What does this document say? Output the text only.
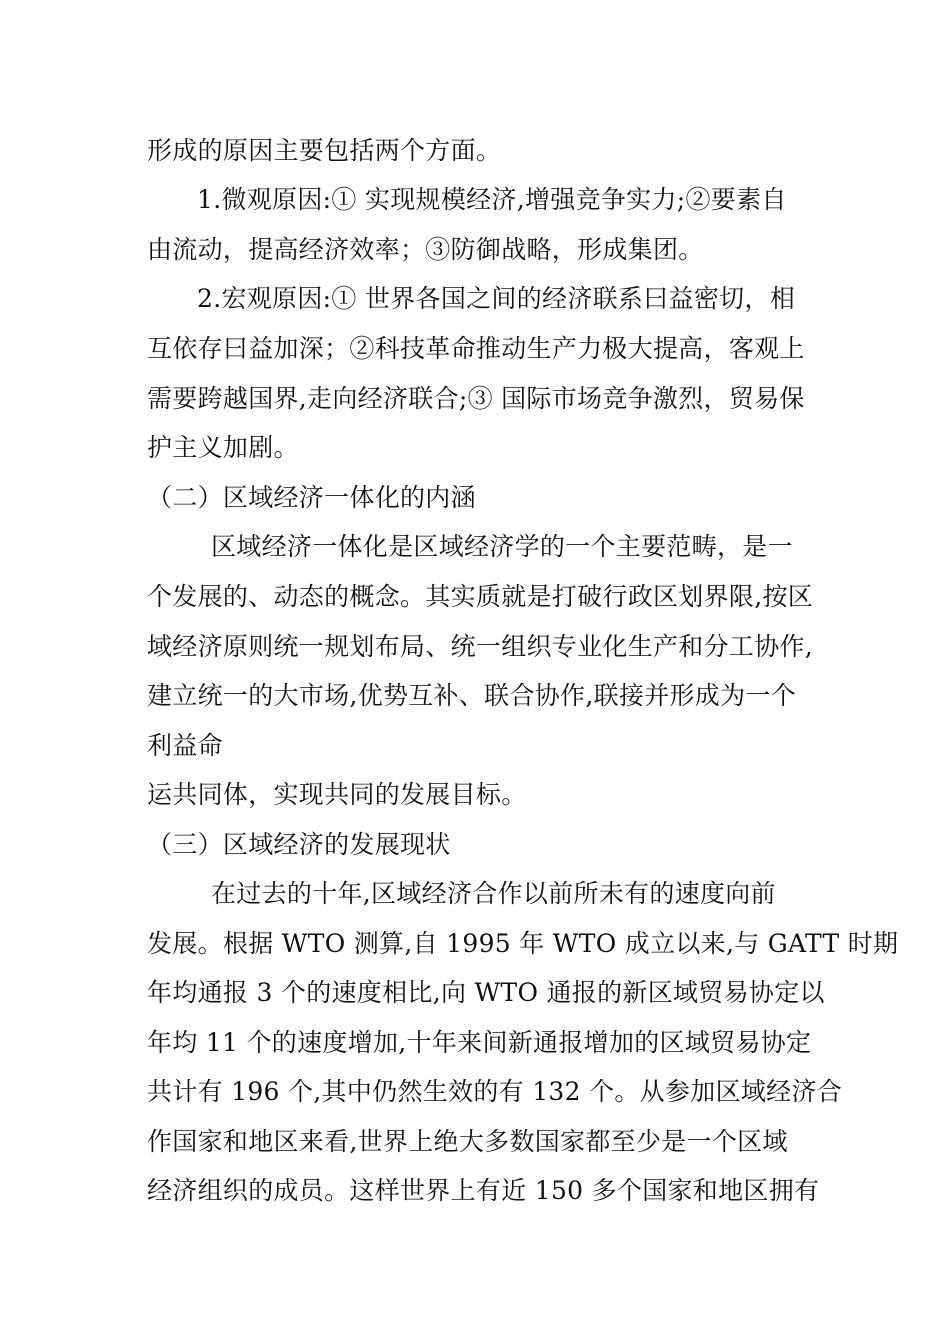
形成的原因主要包括两个方面。
1.微观原因:① 实现规模经济,增强竞争实力;②要素自
由流动，提高经济效率；③防御战略，形成集团。
2.宏观原因:① 世界各国之间的经济联系曰益密切，相
互依存曰益加深；②科技革命推动生产力极大提高，客观上
需要跨越国界,走向经济联合;③ 国际市场竞争激烈，贸易保
护主义加剧。
（二）区域经济一体化的内涵
区域经济一体化是区域经济学的一个主要范畴，是一
个发展的、动态的概念。其实质就是打破行政区划界限,按区
域经济原则统一规划布局、统一组织专业化生产和分工协作,
建立统一的大市场,优势互补、联合协作,联接并形成为一个
利益命
运共同体，实现共同的发展目标。
（三）区域经济的发展现状
在过去的十年,区域经济合作以前所未有的速度向前
发展。根据 WTO 测算,自 1995 年 WTO 成立以来,与 GATT 时期
年均通报 3 个的速度相比,向 WTO 通报的新区域贸易协定以
年均 11 个的速度增加,十年来间新通报增加的区域贸易协定
共计有 196 个,其中仍然生效的有 132 个。从参加区域经济合
作国家和地区来看,世界上绝大多数国家都至少是一个区域
经济组织的成员。这样世界上有近 150 多个国家和地区拥有
